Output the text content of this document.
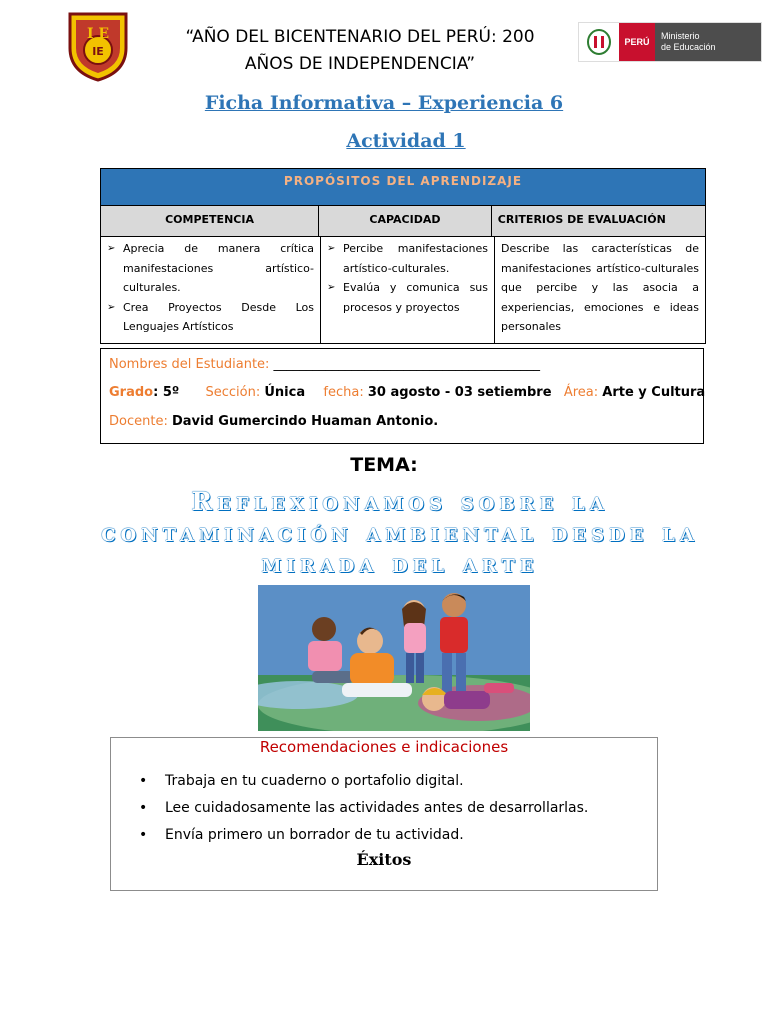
I E
IE
“AÑO DEL BICENTENARIO DEL PERÚ: 200
AÑOS DE INDEPENDENCIA”
PERÚ
Ministerio
de Educación
Ficha Informativa – Experiencia 6
Actividad 1
PROPÓSITOS DEL APRENDIZAJE
COMPETENCIA	CAPACIDAD	CRITERIOS DE EVALUACIÓN
➢ Aprecia de manera crítica manifestaciones artístico-culturales.
➢ Crea Proyectos Desde Los Lenguajes Artísticos
➢ Percibe manifestaciones artístico-culturales.
➢ Evalúa y comunica sus procesos y proyectos
Describe las características de manifestaciones artístico-culturales que percibe y las asocia a experiencias, emociones e ideas personales
Nombres del Estudiante: _________________________________________
Grado: 5º Sección: Única fecha: 30 agosto - 03 setiembre Área: Arte y Cultura
Docente: David Gumercindo Huaman Antonio.
TEMA:
Reflexionamos sobre la contaminación ambiental desde la mirada del arte
Recomendaciones e indicaciones
• Trabaja en tu cuaderno o portafolio digital.
• Lee cuidadosamente las actividades antes de desarrollarlas.
• Envía primero un borrador de tu actividad.
Éxitos
